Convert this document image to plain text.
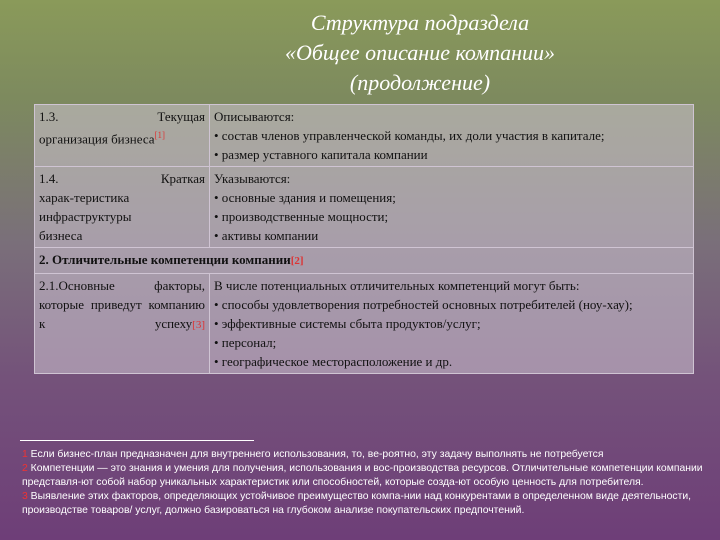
Структура подраздела
«Общее описание компании»
(продолжение)
1.3. Текущая
организация бизнеса[1]	Описываются:
• состав членов управленческой команды, их доли участия в капитале;
• размер уставного капитала компании

1.4. Краткая
харак-теристика
инфраструктуры
бизнеса	Указываются:
• основные здания и помещения;
• производственные мощности;
• активы компании

2. Отличительные компетенции компании[2]	
2.1.Основные факторы, которые приведут компанию к успеху[3]	В числе потенциальных отличительных компетенций могут быть:
• способы удовлетворения потребностей основных потребителей (ноу-хау);
• эффективные системы сбыта продуктов/услуг;
• персонал;
• географическое месторасположение и др.

1 Если бизнес-план предназначен для внутреннего использования, то, ве-роятно, эту задачу выполнять не потребуется

2 Компетенции — это знания и умения для получения, использования и вос-производства ресурсов. Отличительные компетенции компании представля-ют собой набор уникальных характеристик или способностей, которые созда-ют особую ценность для потребителя.

3 Выявление этих факторов, определяющих устойчивое преимущество компа-нии над конкурентами в определенном виде деятельности, производстве товаров/ услуг, должно базироваться на глубоком анализе покупательских предпочтений.
